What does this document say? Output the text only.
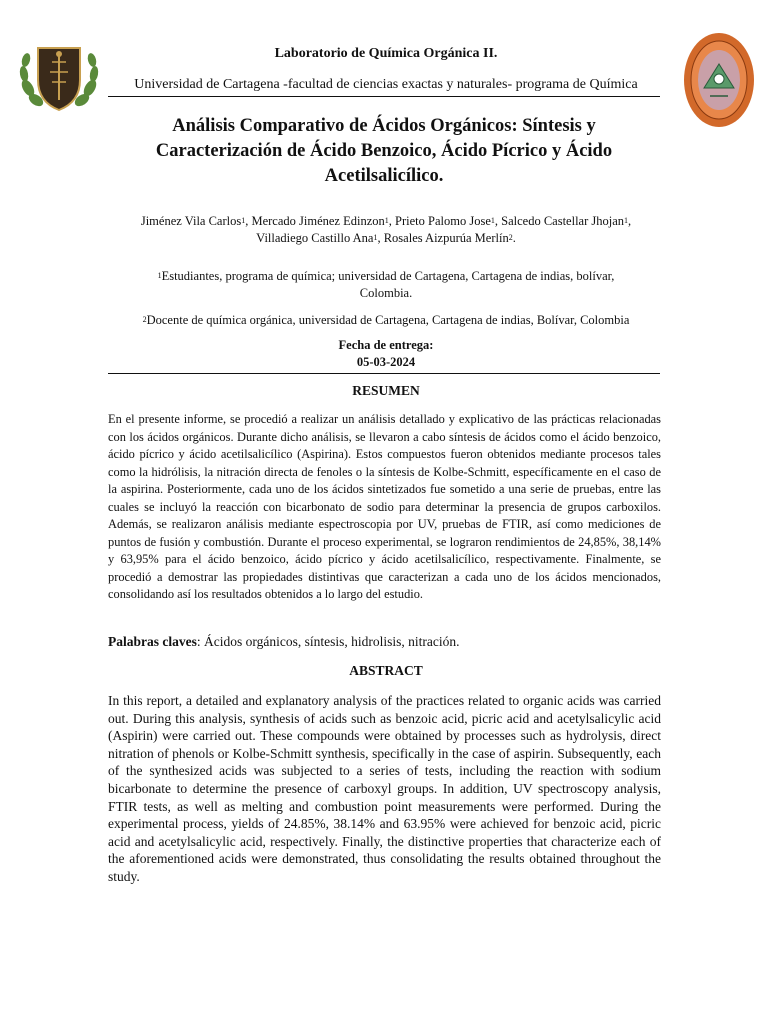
Laboratorio de Química Orgánica II.
Universidad de Cartagena -facultad de ciencias exactas y naturales- programa de Química
Análisis Comparativo de Ácidos Orgánicos: Síntesis y
Caracterización de Ácido Benzoico, Ácido Pícrico y Ácido
Acetilsalicílico.
Jiménez Vila Carlos$^1$, Mercado Jiménez Edinzon$^1$, Prieto Palomo Jose$^1$, Salcedo Castellar Jhojan$^1$,
Villadiego Castillo Ana$^1$, Rosales Aizpurúa Merlín$^2$.
$^1$Estudiantes, programa de química; universidad de Cartagena, Cartagena de indias, bolívar,
Colombia.
$^2$Docente de química orgánica, universidad de Cartagena, Cartagena de indias, Bolívar, Colombia
Fecha de entrega:
05-03-2024
RESUMEN

En el presente informe, se procedió a realizar un análisis detallado y explicativo de las prácticas relacionadas con los ácidos orgánicos. Durante dicho análisis, se llevaron a cabo síntesis de ácidos como el ácido benzoico, ácido pícrico y ácido acetilsalicílico (Aspirina). Estos compuestos fueron obtenidos mediante procesos tales como la hidrólisis, la nitración directa de fenoles o la síntesis de Kolbe-Schmitt, específicamente en el caso de la aspirina. Posteriormente, cada uno de los ácidos sintetizados fue sometido a una serie de pruebas, entre las cuales se incluyó la reacción con bicarbonato de sodio para determinar la presencia de grupos carboxilos. Además, se realizaron análisis mediante espectroscopia por UV, pruebas de FTIR, así como mediciones de puntos de fusión y combustión. Durante el proceso experimental, se lograron rendimientos de 24,85%, 38,14% y 63,95% para el ácido benzoico, ácido pícrico y ácido acetilsalicílico, respectivamente. Finalmente, se procedió a demostrar las propiedades distintivas que caracterizan a cada uno de los ácidos mencionados, consolidando así los resultados obtenidos a lo largo del estudio.

Palabras claves: Ácidos orgánicos, síntesis, hidrolisis, nitración.
ABSTRACT

In this report, a detailed and explanatory analysis of the practices related to organic acids was carried out. During this analysis, synthesis of acids such as benzoic acid, picric acid and acetylsalicylic acid (Aspirin) were carried out. These compounds were obtained by processes such as hydrolysis, direct nitration of phenols or Kolbe-Schmitt synthesis, specifically in the case of aspirin. Subsequently, each of the synthesized acids was subjected to a series of tests, including the reaction with sodium bicarbonate to determine the presence of carboxyl groups. In addition, UV spectroscopy analysis, FTIR tests, as well as melting and combustion point measurements were performed. During the experimental process, yields of 24.85%, 38.14% and 63.95% were achieved for benzoic acid, picric acid and acetylsalicylic acid, respectively. Finally, the distinctive properties that characterize each of the aforementioned acids were demonstrated, thus consolidating the results obtained throughout the study.
